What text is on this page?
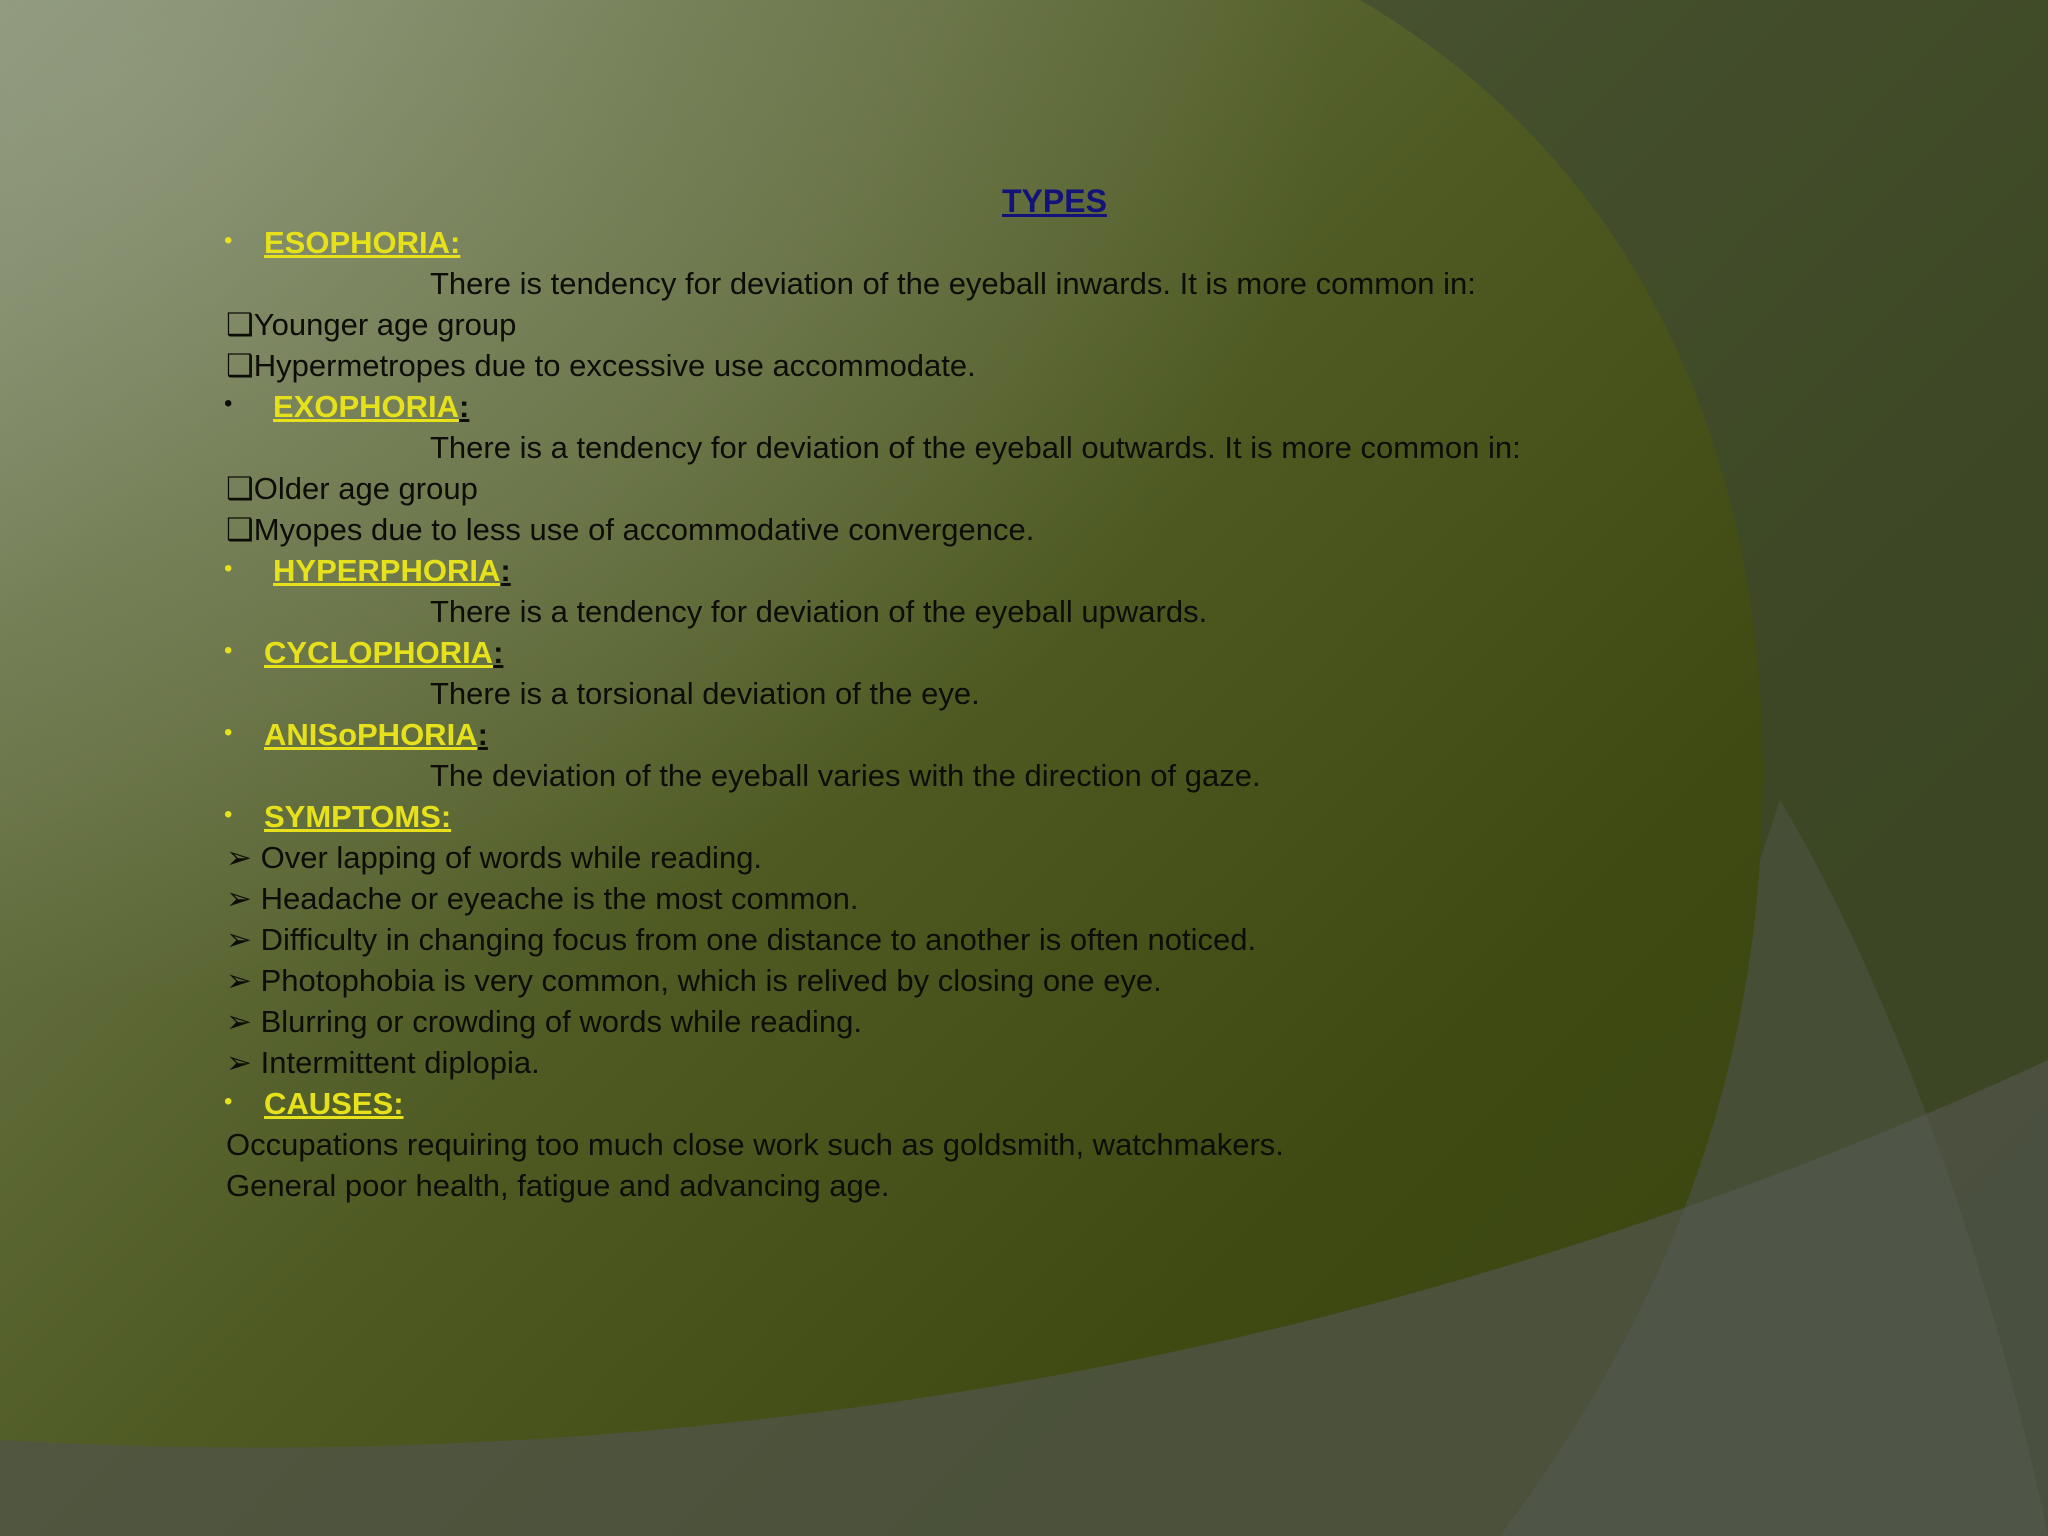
TYPES
• ESOPHORIA:
There is tendency for deviation of the eyeball inwards. It is more common in:
❑Younger age group
❑Hypermetropes due to excessive use accommodate.
• EXOPHORIA:
There is a tendency for deviation of the eyeball outwards. It is more common in:
❑Older age group
❑Myopes due to less use of accommodative convergence.
• HYPERPHORIA:
There is a tendency for deviation of the eyeball upwards.
• CYCLOPHORIA:
There is a torsional deviation of the eye.
• ANISoPHORIA:
The deviation of the eyeball varies with the direction of gaze.
• SYMPTOMS:
➢ Over lapping of words while reading.
➢ Headache or eyeache is the most common.
➢ Difficulty in changing focus from one distance to another is often noticed.
➢ Photophobia is very common, which is relived by closing one eye.
➢ Blurring or crowding of words while reading.
➢ Intermittent diplopia.
• CAUSES:
Occupations requiring too much close work such as goldsmith, watchmakers.
General poor health, fatigue and advancing age.
